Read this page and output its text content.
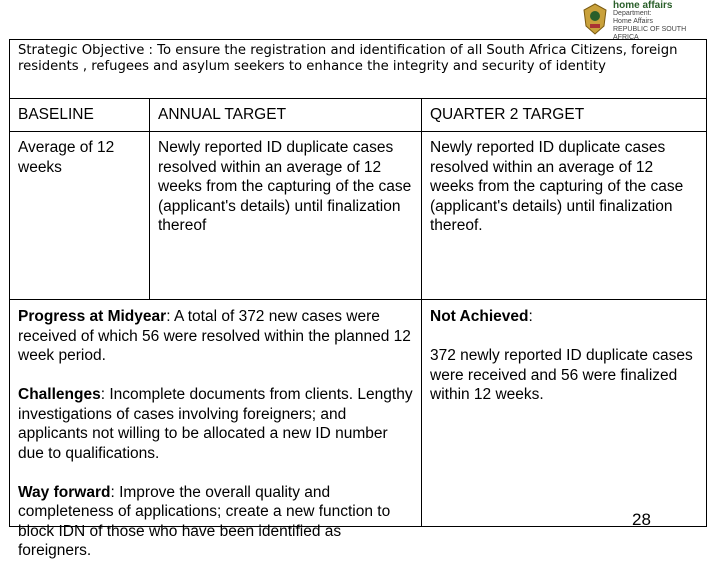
home affairs
Department:
Home Affairs
REPUBLIC OF SOUTH AFRICA
Strategic Objective : To ensure the registration and identification of all South Africa Citizens, foreign residents , refugees and asylum seekers to enhance the integrity and security of identity
BASELINE	ANNUAL TARGET	QUARTER 2 TARGET
Average of 12 weeks
Newly reported ID duplicate cases resolved within an average of 12 weeks from the capturing of the case (applicant's details) until finalization thereof
Newly reported ID duplicate cases resolved within an average of 12 weeks from the capturing of the case (applicant's details) until finalization thereof.

Progress at Midyear: A total of 372 new cases were received of which 56 were resolved within the planned 12 week period.

Challenges: Incomplete documents from clients. Lengthy investigations of cases involving foreigners; and applicants not willing to be allocated a new ID number due to qualifications.

Way forward: Improve the overall quality and completeness of applications; create a new function to block IDN of those who have been identified as foreigners.

Not Achieved:

372 newly reported ID duplicate cases were received and 56 were finalized within 12 weeks.

28
